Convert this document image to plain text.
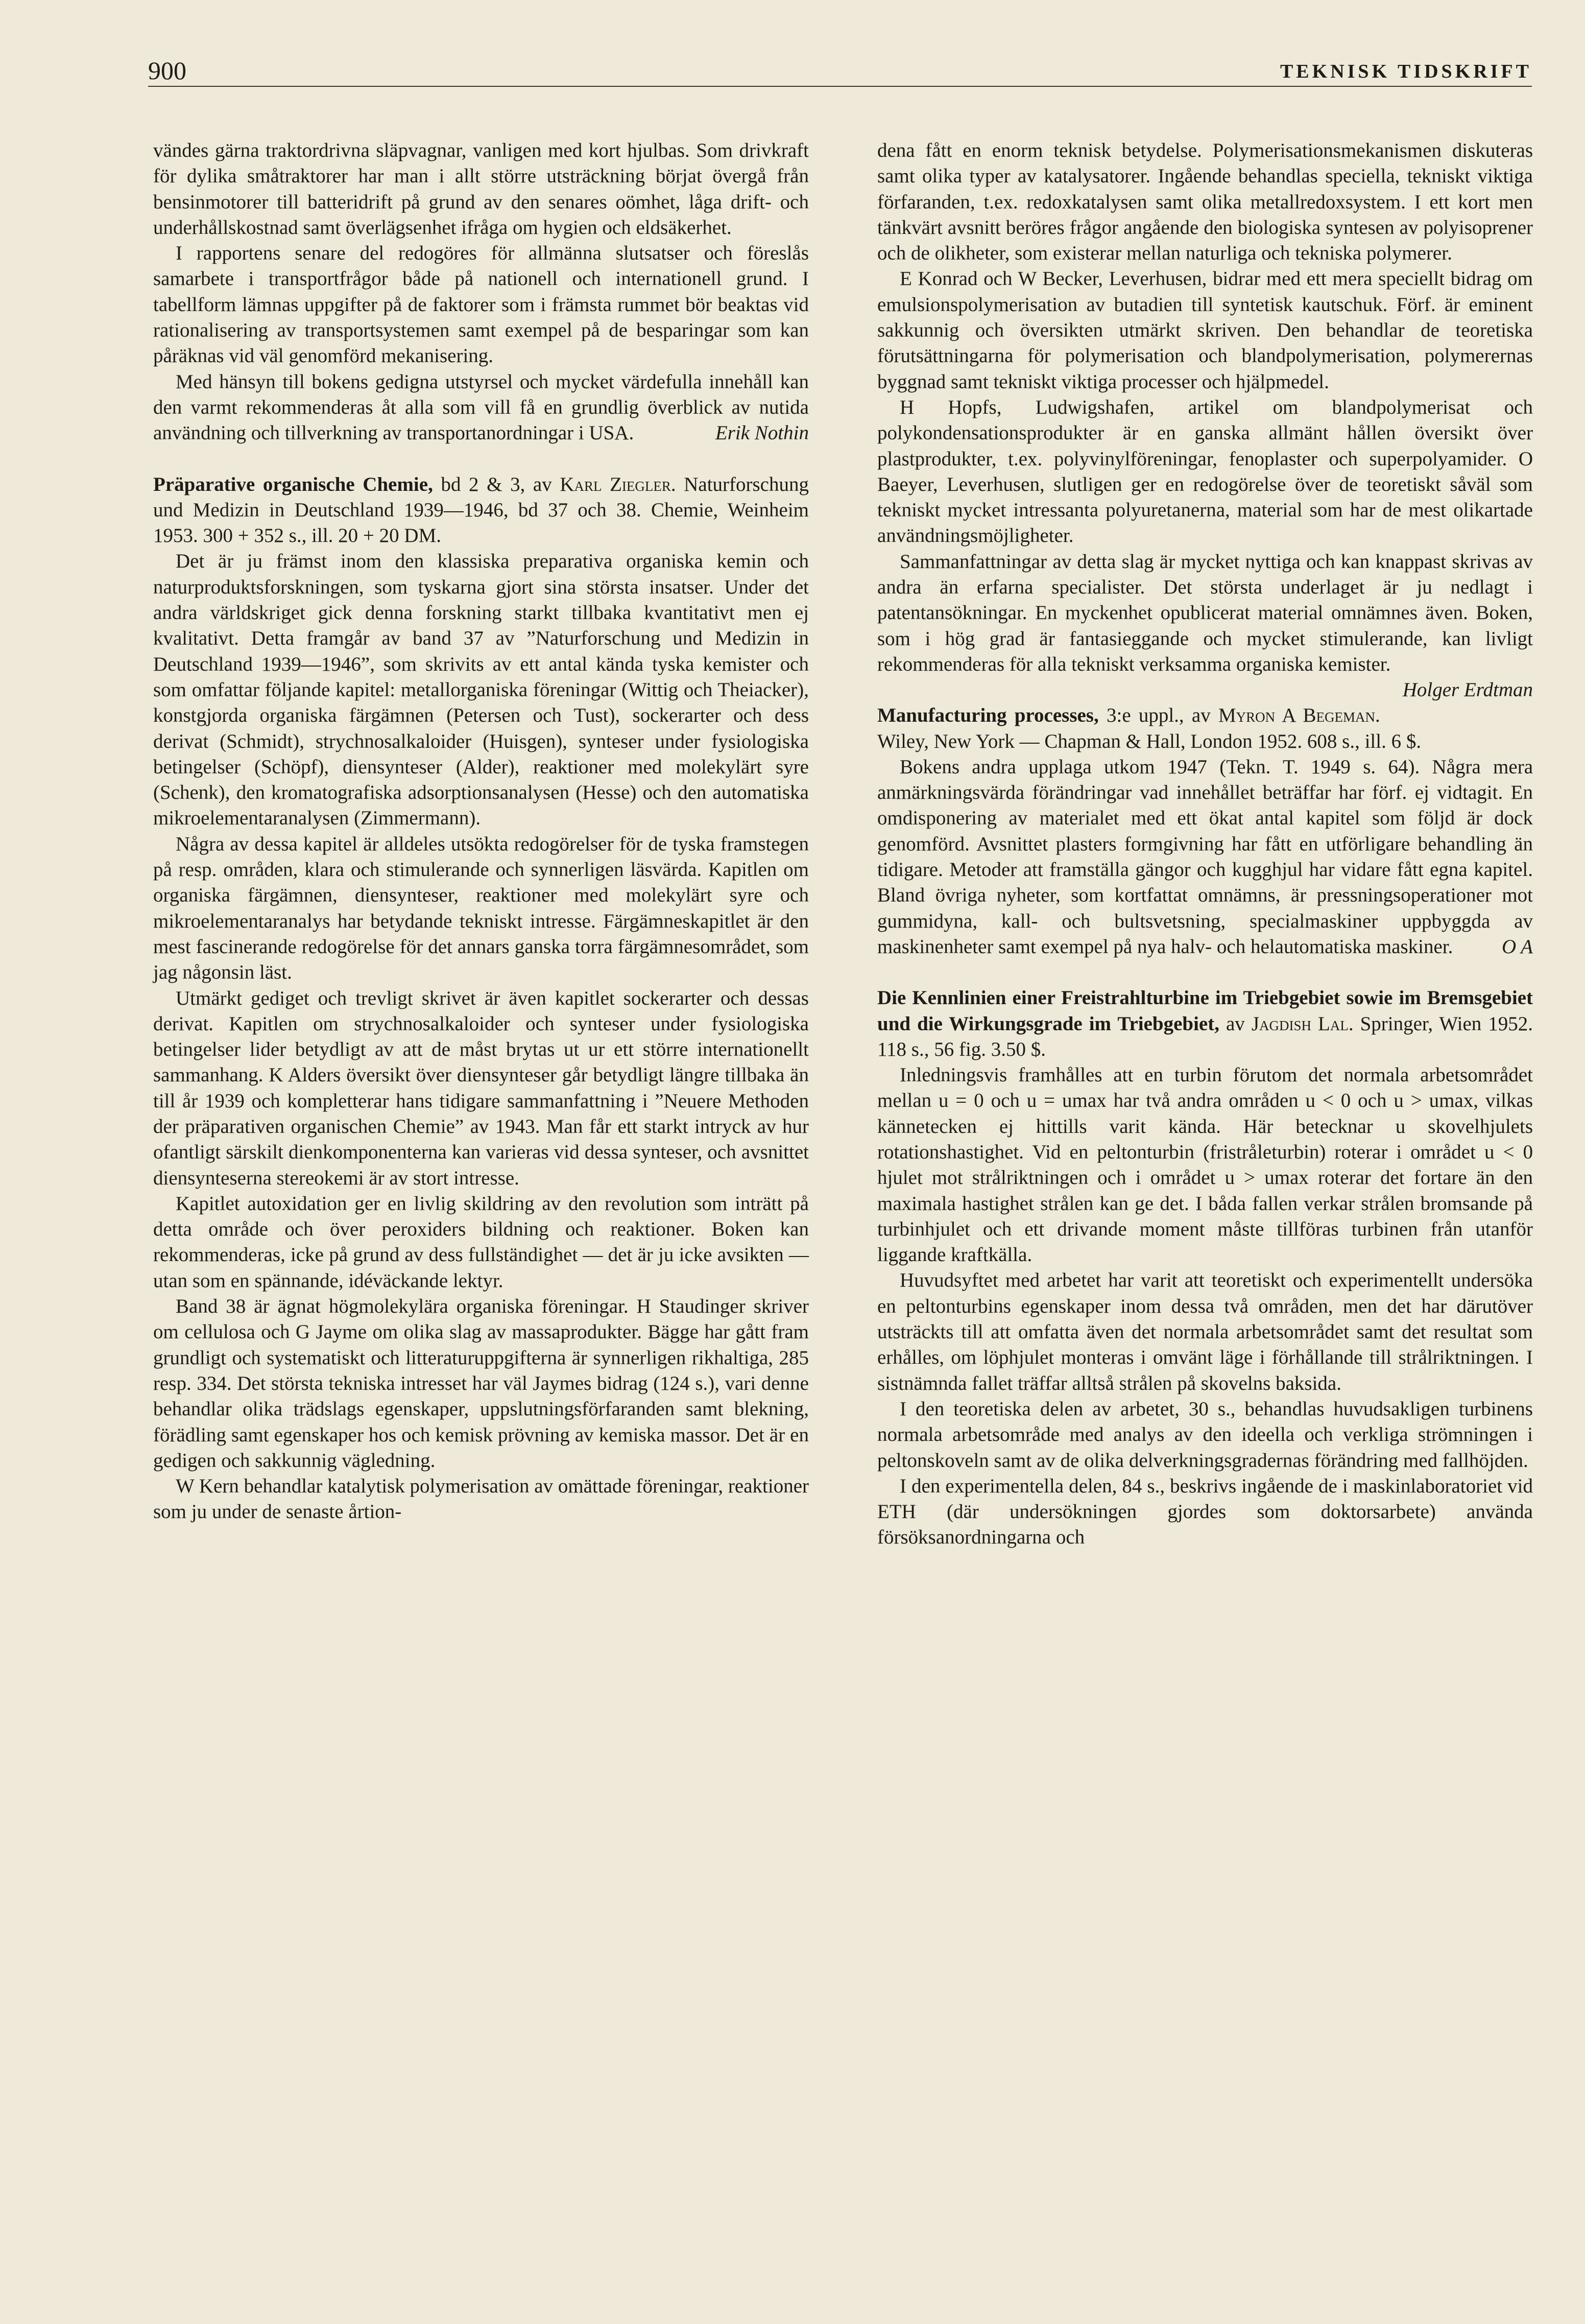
900	TEKNISK TIDSKRIFT

vändes gärna traktordrivna släpvagnar, vanligen med kort hjulbas. Som drivkraft för dylika småtraktorer har man i allt större utsträckning börjat övergå från bensinmotorer till batteridrift på grund av den senares oömhet, låga drift- och underhållskostnad samt överlägsenhet ifråga om hygien och eldsäkerhet.

I rapportens senare del redogöres för allmänna slutsatser och föreslås samarbete i transportfrågor både på nationell och internationell grund. I tabellform lämnas uppgifter på de faktorer som i främsta rummet bör beaktas vid rationalisering av transportsystemen samt exempel på de besparingar som kan påräknas vid väl genomförd mekanisering.

Med hänsyn till bokens gedigna utstyrsel och mycket värdefulla innehåll kan den varmt rekommenderas åt alla som vill få en grundlig överblick av nutida användning och tillverkning av transportanordningar i USA.	Erik Nothin

Präparative organische Chemie, bd 2 & 3, av Karl Ziegler. Naturforschung und Medizin in Deutschland 1939—1946, bd 37 och 38. Chemie, Weinheim 1953. 300 + 352 s., ill. 20 + 20 DM.

Det är ju främst inom den klassiska preparativa organiska kemin och naturproduktsforskningen, som tyskarna gjort sina största insatser. Under det andra världskriget gick denna forskning starkt tillbaka kvantitativt men ej kvalitativt. Detta framgår av band 37 av ”Naturforschung und Medizin in Deutschland 1939—1946”, som skrivits av ett antal kända tyska kemister och som omfattar följande kapitel: metallorganiska föreningar (Wittig och Theiacker), konstgjorda organiska färgämnen (Petersen och Tust), sockerarter och dess derivat (Schmidt), strychnosalkaloider (Huisgen), synteser under fysiologiska betingelser (Schöpf), diensynteser (Alder), reaktioner med molekylärt syre (Schenk), den kromatografiska adsorptionsanalysen (Hesse) och den automatiska mikroelementaranalysen (Zimmermann).

Några av dessa kapitel är alldeles utsökta redogörelser för de tyska framstegen på resp. områden, klara och stimulerande och synnerligen läsvärda. Kapitlen om organiska färgämnen, diensynteser, reaktioner med molekylärt syre och mikroelementaranalys har betydande tekniskt intresse. Färgämneskapitlet är den mest fascinerande redogörelse för det annars ganska torra färgämnesområdet, som jag någonsin läst.

Utmärkt gediget och trevligt skrivet är även kapitlet sockerarter och dessas derivat. Kapitlen om strychnosalkaloider och synteser under fysiologiska betingelser lider betydligt av att de måst brytas ut ur ett större internationellt sammanhang. K Alders översikt över diensynteser går betydligt längre tillbaka än till år 1939 och kompletterar hans tidigare sammanfattning i ”Neuere Methoden der präparativen organischen Chemie” av 1943. Man får ett starkt intryck av hur ofantligt särskilt dienkomponenterna kan varieras vid dessa synteser, och avsnittet diensynteserna stereokemi är av stort intresse.

Kapitlet autoxidation ger en livlig skildring av den revolution som inträtt på detta område och över peroxiders bildning och reaktioner. Boken kan rekommenderas, icke på grund av dess fullständighet — det är ju icke avsikten — utan som en spännande, idéväckande lektyr.

Band 38 är ägnat högmolekylära organiska föreningar. H Staudinger skriver om cellulosa och G Jayme om olika slag av massaprodukter. Bägge har gått fram grundligt och systematiskt och litteraturuppgifterna är synnerligen rikhaltiga, 285 resp. 334. Det största tekniska intresset har väl Jaymes bidrag (124 s.), vari denne behandlar olika trädslags egenskaper, uppslutningsförfaranden samt blekning, förädling samt egenskaper hos och kemisk prövning av kemiska massor. Det är en gedigen och sakkunnig vägledning.

W Kern behandlar katalytisk polymerisation av omättade föreningar, reaktioner som ju under de senaste årtion-

dena fått en enorm teknisk betydelse. Polymerisationsmekanismen diskuteras samt olika typer av katalysatorer. Ingående behandlas speciella, tekniskt viktiga förfaranden, t.ex. redoxkatalysen samt olika metallredoxsystem. I ett kort men tänkvärt avsnitt beröres frågor angående den biologiska syntesen av polyisoprener och de olikheter, som existerar mellan naturliga och tekniska polymerer.

E Konrad och W Becker, Leverhusen, bidrar med ett mera speciellt bidrag om emulsionspolymerisation av butadien till syntetisk kautschuk. Förf. är eminent sakkunnig och översikten utmärkt skriven. Den behandlar de teoretiska förutsättningarna för polymerisation och blandpolymerisation, polymerernas byggnad samt tekniskt viktiga processer och hjälpmedel.

H Hopfs, Ludwigshafen, artikel om blandpolymerisat och polykondensationsprodukter är en ganska allmänt hållen översikt över plastprodukter, t.ex. polyvinylföreningar, fenoplaster och superpolyamider. O Baeyer, Leverhusen, slutligen ger en redogörelse över de teoretiskt såväl som tekniskt mycket intressanta polyuretanerna, material som har de mest olikartade användningsmöjligheter.

Sammanfattningar av detta slag är mycket nyttiga och kan knappast skrivas av andra än erfarna specialister. Det största underlaget är ju nedlagt i patentansökningar. En myckenhet opublicerat material omnämnes även. Boken, som i hög grad är fantasieggande och mycket stimulerande, kan livligt rekommenderas för alla tekniskt verksamma organiska kemister.
Holger Erdtman

Manufacturing processes, 3:e uppl., av Myron A Begeman. Wiley, New York — Chapman & Hall, London 1952. 608 s., ill. 6 $.

Bokens andra upplaga utkom 1947 (Tekn. T. 1949 s. 64). Några mera anmärkningsvärda förändringar vad innehållet beträffar har förf. ej vidtagit. En omdisponering av materialet med ett ökat antal kapitel som följd är dock genomförd. Avsnittet plasters formgivning har fått en utförligare behandling än tidigare. Metoder att framställa gängor och kugghjul har vidare fått egna kapitel. Bland övriga nyheter, som kortfattat omnämns, är pressningsoperationer mot gummidyna, kall- och bultsvetsning, specialmaskiner uppbyggda av maskinenheter samt exempel på nya halv- och helautomatiska maskiner.	O A

Die Kennlinien einer Freistrahlturbine im Triebgebiet sowie im Bremsgebiet und die Wirkungsgrade im Triebgebiet, av Jagdish Lal. Springer, Wien 1952. 118 s., 56 fig. 3.50 $.

Inledningsvis framhålles att en turbin förutom det normala arbetsområdet mellan u = 0 och u = umax har två andra områden u < 0 och u > umax, vilkas kännetecken ej hittills varit kända. Här betecknar u skovelhjulets rotationshastighet. Vid en peltonturbin (fristråleturbin) roterar i området u < 0 hjulet mot strålriktningen och i området u > umax roterar det fortare än den maximala hastighet strålen kan ge det. I båda fallen verkar strålen bromsande på turbinhjulet och ett drivande moment måste tillföras turbinen från utanför liggande kraftkälla.

Huvudsyftet med arbetet har varit att teoretiskt och experimentellt undersöka en peltonturbins egenskaper inom dessa två områden, men det har därutöver utsträckts till att omfatta även det normala arbetsområdet samt det resultat som erhålles, om löphjulet monteras i omvänt läge i förhållande till strålriktningen. I sistnämnda fallet träffar alltså strålen på skovelns baksida.

I den teoretiska delen av arbetet, 30 s., behandlas huvudsakligen turbinens normala arbetsområde med analys av den ideella och verkliga strömningen i peltonskoveln samt av de olika delverkningsgradernas förändring med fallhöjden.

I den experimentella delen, 84 s., beskrivs ingående de i maskinlaboratoriet vid ETH (där undersökningen gjordes som doktorsarbete) använda försöksanordningarna och
